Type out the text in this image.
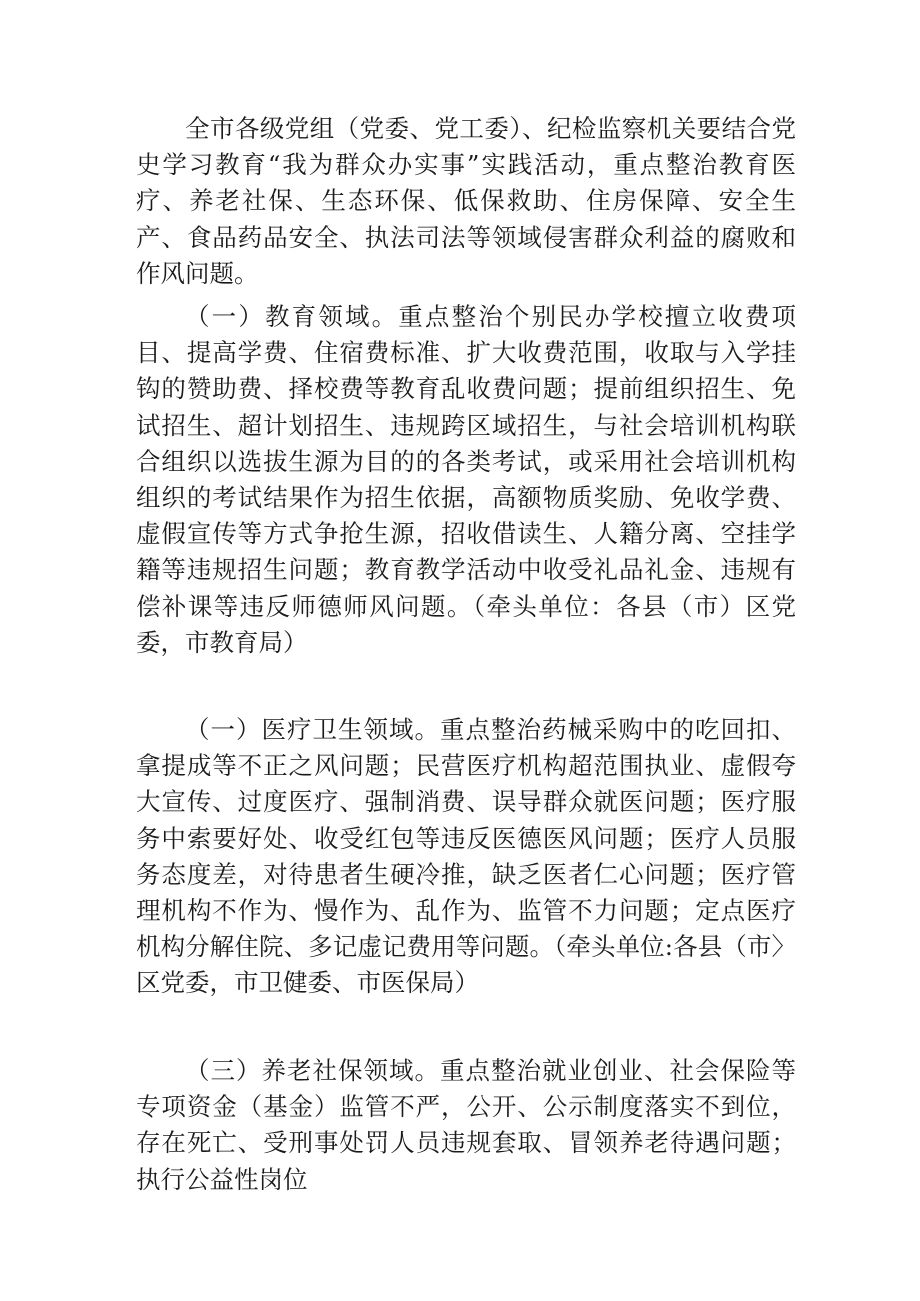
全市各级党组（党委、党工委）、纪检监察机关要结合党史学习教育“我为群众办实事”实践活动，重点整治教育医疗、养老社保、生态环保、低保救助、住房保障、安全生产、食品药品安全、执法司法等领域侵害群众利益的腐败和作风问题。

（一）教育领域。重点整治个别民办学校擅立收费项目、提高学费、住宿费标准、扩大收费范围，收取与入学挂钩的赞助费、择校费等教育乱收费问题；提前组织招生、免试招生、超计划招生、违规跨区域招生，与社会培训机构联合组织以选拔生源为目的的各类考试，或采用社会培训机构组织的考试结果作为招生依据，高额物质奖励、免收学费、虚假宣传等方式争抢生源，招收借读生、人籍分离、空挂学籍等违规招生问题；教育教学活动中收受礼品礼金、违规有偿补课等违反师德师风问题。（牵头单位：各县（市）区党委，市教育局）

（一）医疗卫生领域。重点整治药械采购中的吃回扣、拿提成等不正之风问题；民营医疗机构超范围执业、虚假夸大宣传、过度医疗、强制消费、误导群众就医问题；医疗服务中索要好处、收受红包等违反医德医风问题；医疗人员服务态度差，对待患者生硬冷推，缺乏医者仁心问题；医疗管理机构不作为、慢作为、乱作为、监管不力问题；定点医疗机构分解住院、多记虚记费用等问题。（牵头单位:各县（市〉区党委，市卫健委、市医保局）

（三）养老社保领域。重点整治就业创业、社会保险等专项资金（基金）监管不严，公开、公示制度落实不到位，存在死亡、受刑事处罚人员违规套取、冒领养老待遇问题；执行公益性岗位
